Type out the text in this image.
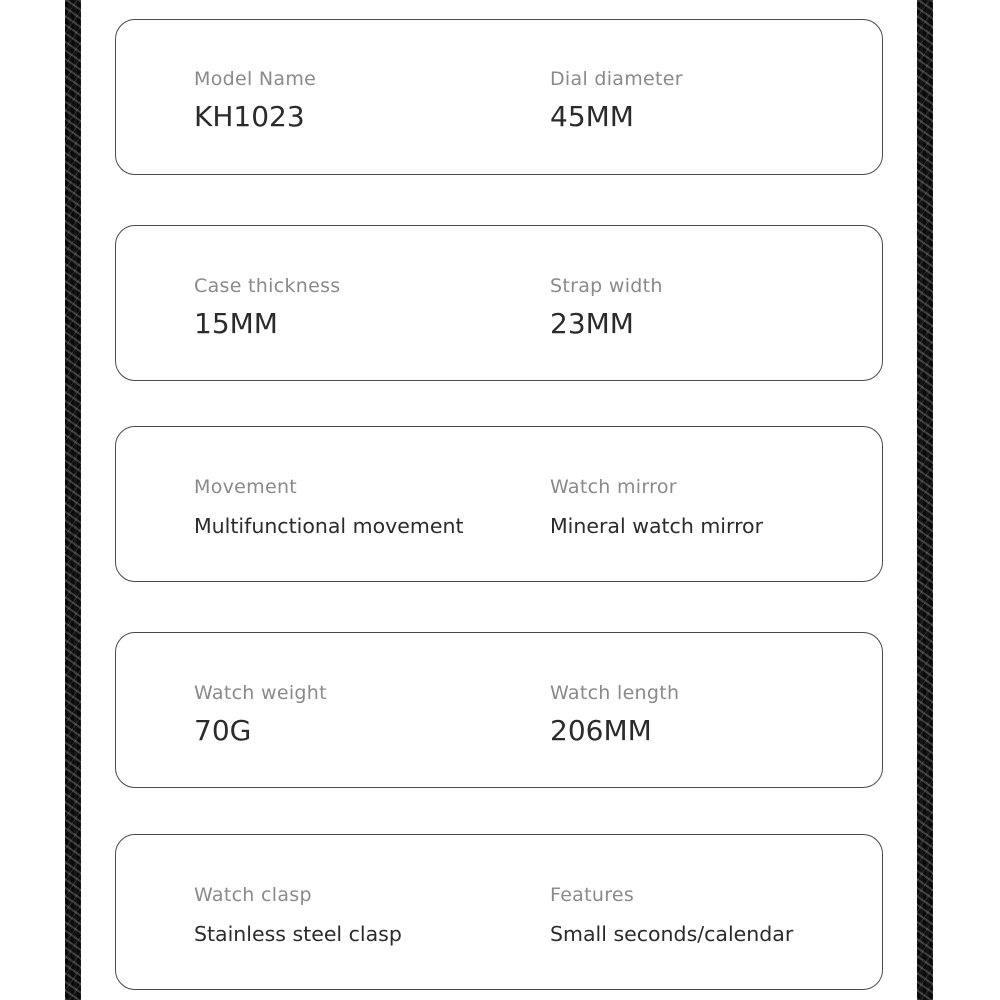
Model Name
KH1023
Dial diameter
45MM
Case thickness
15MM
Strap width
23MM
Movement
Multifunctional movement
Watch mirror
Mineral watch mirror
Watch weight
70G
Watch length
206MM
Watch clasp
Stainless steel clasp
Features
Small seconds/calendar
